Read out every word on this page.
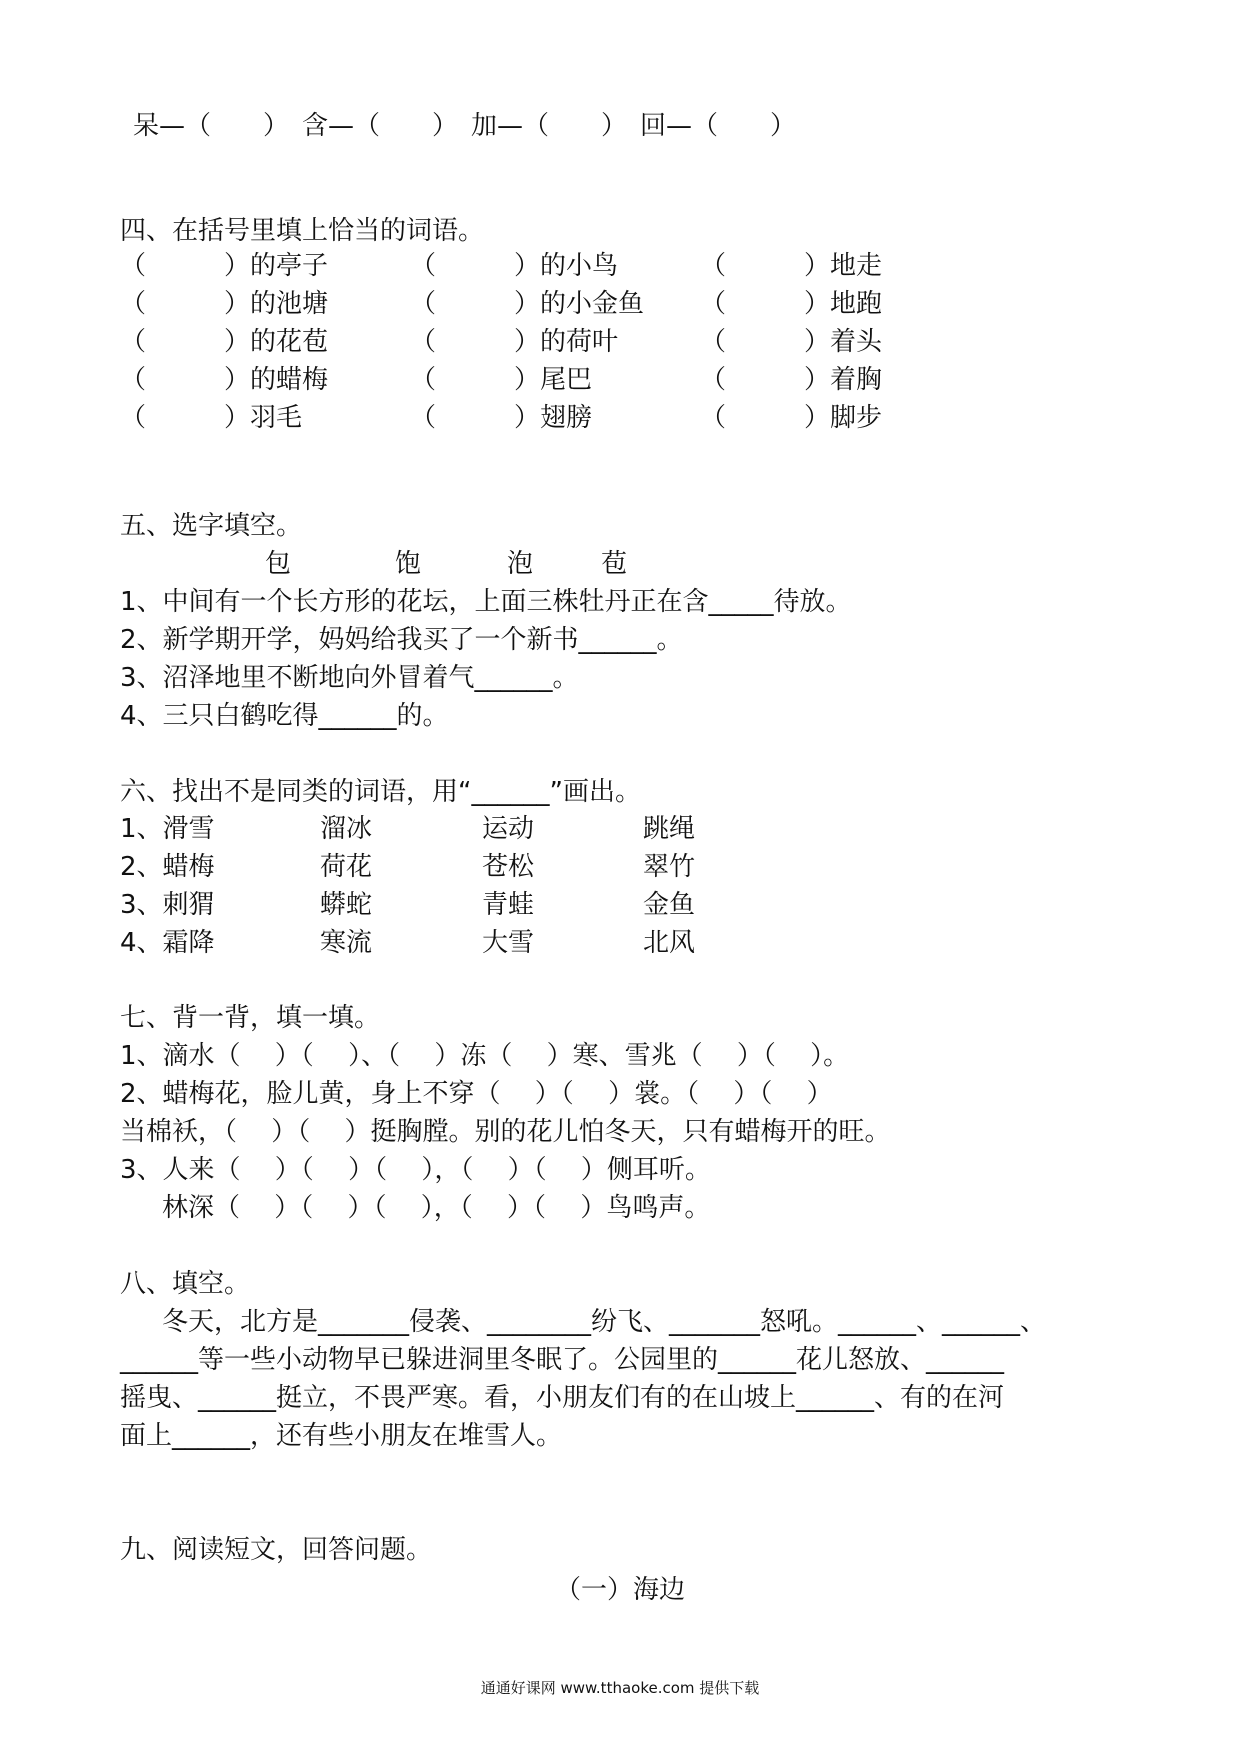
呆—（　　）　含—（　　）　加—（　　）　回—（　　）
四、在括号里填上恰当的词语。
（　　　）的亭子	（　　　）的小鸟	（　　　）地走
（　　　）的池塘	（　　　）的小金鱼 （　　　）地跑
（　　　）的花苞	（　　　）的荷叶	（　　　）着头
（　　　）的蜡梅	（　　　）尾巴	（　　　）着胸
（　　　）羽毛	（　　　）翅膀	（　　　）脚步
五、选字填空。
包	饱	泡	苞
1、中间有一个长方形的花坛，上面三株牡丹正在含_____待放。
2、新学期开学，妈妈给我买了一个新书______。
3、沼泽地里不断地向外冒着气______。
4、三只白鹤吃得______的。
六、找出不是同类的词语，用“______”画出。
1、滑雪	溜冰	运动	跳绳
2、蜡梅	荷花	苍松	翠竹
3、刺猬	蟒蛇	青蛙	金鱼
4、霜降	寒流	大雪	北风
七、背一背，填一填。
1、滴水（　 ）（　 ）、（　 ）冻（　 ）寒、雪兆（　 ）（　 ）。
2、蜡梅花，脸儿黄，身上不穿（　 ）（　 ）裳。（　 ）（　 ）
当棉袄，（　 ）（　 ）挺胸膛。别的花儿怕冬天，只有蜡梅开的旺。
3、人来（　 ）（　 ）（　 ），（　 ）（　 ）侧耳听。
林深（　 ）（　 ）（　 ），（　 ）（　 ）鸟鸣声。
八、填空。
冬天，北方是_______侵袭、________纷飞、_______怒吼。______、______、
______等一些小动物早已躲进洞里冬眠了。公园里的______花儿怒放、______
摇曳、______挺立，不畏严寒。看，小朋友们有的在山坡上______、有的在河
面上______，还有些小朋友在堆雪人。
九、阅读短文，回答问题。
（一）海边
通通好课网 www.tthaoke.com 提供下载
